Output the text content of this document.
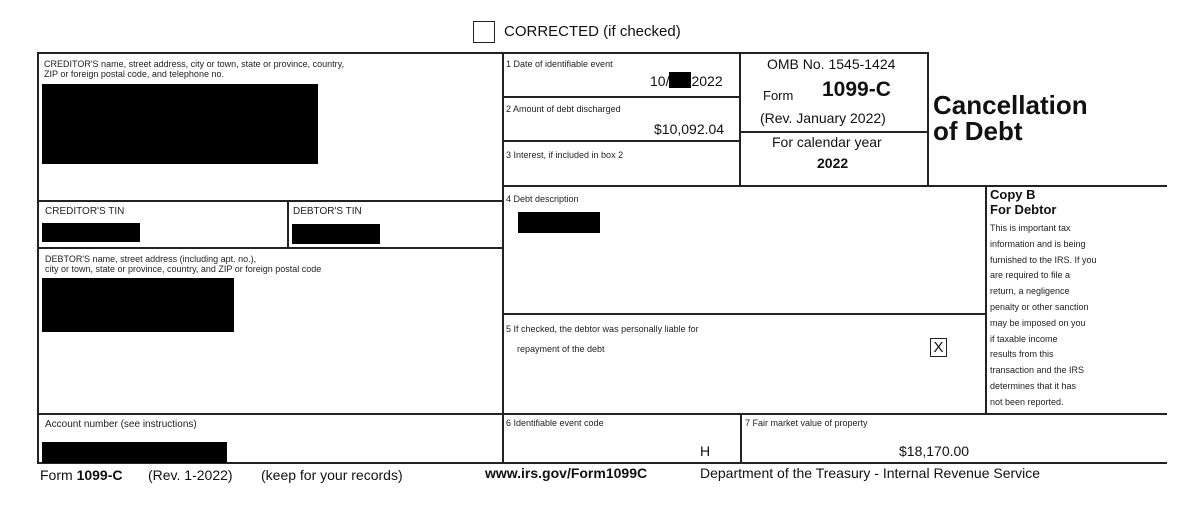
CORRECTED (if checked)
CREDITOR'S name, street address, city or town, state or province, country,
ZIP or foreign postal code, and telephone no.
CREDITOR'S TIN	DEBTOR'S TIN
DEBTOR'S name, street address (including apt. no.),
city or town, state or province, country, and ZIP or foreign postal code
Account number (see instructions)
1 Date of identifiable event
10/ 2022
2 Amount of debt discharged
$10,092.04
3 Interest, if included in box 2
OMB No. 1545-1424
Form 1099-C
(Rev. January 2022)
For calendar year
2022
Cancellation
of Debt
4 Debt description	Copy B
For Debtor
This is important tax
information and is being
furnished to the IRS. If you
are required to file a
return, a negligence
penalty or other sanction
may be imposed on you
if taxable income
results from this
transaction and the IRS
determines that it has
not been reported.
5 If checked, the debtor was personally liable for
repayment of the debt	X
6 Identifiable event code
H
7 Fair market value of property
$18,170.00
Form 1099-C (Rev. 1-2022) (keep for your records)	www.irs.gov/Form1099C	Department of the Treasury - Internal Revenue Service
